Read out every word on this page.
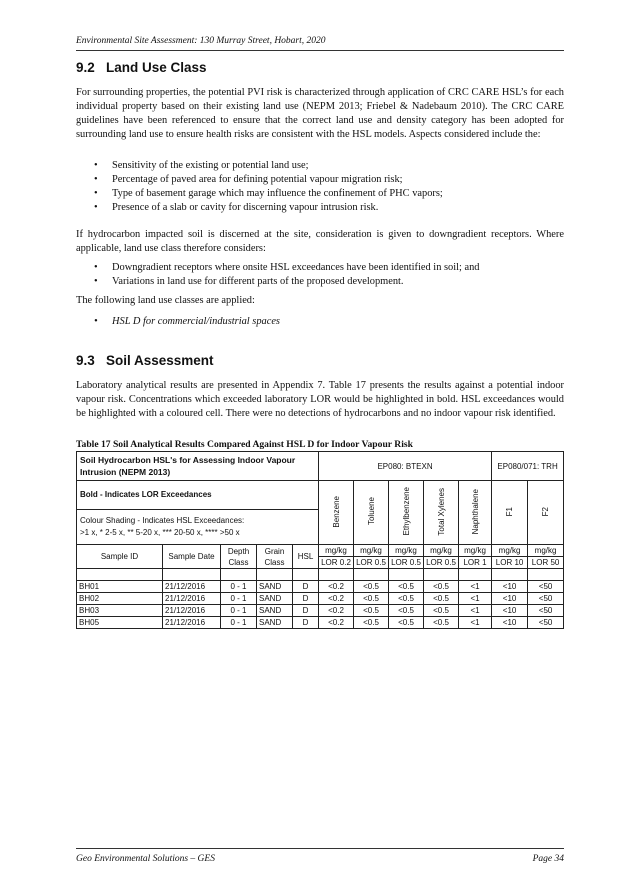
Environmental Site Assessment: 130 Murray Street, Hobart, 2020
9.2 Land Use Class

For surrounding properties, the potential PVI risk is characterized through application of CRC CARE HSL’s for each individual property based on their existing land use (NEPM 2013; Friebel & Nadebaum 2010). The CRC CARE guidelines have been referenced to ensure that the correct land use and density category has been adopted for surrounding land use to ensure health risks are consistent with the HSL models. Aspects considered include the:

• Sensitivity of the existing or potential land use;
• Percentage of paved area for defining potential vapour migration risk;
• Type of basement garage which may influence the confinement of PHC vapors;
• Presence of a slab or cavity for discerning vapour intrusion risk.

If hydrocarbon impacted soil is discerned at the site, consideration is given to downgradient receptors. Where applicable, land use class therefore considers:

• Downgradient receptors where onsite HSL exceedances have been identified in soil; and
• Variations in land use for different parts of the proposed development.

The following land use classes are applied:

• HSL D for commercial/industrial spaces
9.3 Soil Assessment

Laboratory analytical results are presented in Appendix 7. Table 17 presents the results against a potential indoor vapour risk. Concentrations which exceeded laboratory LOR would be highlighted in bold. HSL exceedances would be highlighted with a coloured cell. There were no detections of hydrocarbons and no indoor vapour risk identified.

Table 17 Soil Analytical Results Compared Against HSL D for Indoor Vapour Risk
Soil Hydrocarbon HSL's for Assessing Indoor Vapour Intrusion (NEPM 2013)					EP080: BTEXN					EP080/071: TRH	
Bold - Indicates LOR Exceedances					Benzene	Toluene	Ethylbenzene	Total Xylenes	Naphthalene	F1	F2
Colour Shading - Indicates HSL Exceedances:
>1 x, * 2-5 x, ** 5-20 x, *** 20-50 x, **** >50 x											
Sample ID	Sample Date	Depth
Class	Grain
Class	HSL	mg/kg	mg/kg	mg/kg	mg/kg	mg/kg	mg/kg	mg/kg
					LOR 0.2	LOR 0.5	LOR 0.5	LOR 0.5	LOR 1	LOR 10	LOR 50

BH01	21/12/2016	0 - 1	SAND	D	<0.2	<0.5	<0.5	<0.5	<1	<10	<50
BH02	21/12/2016	0 - 1	SAND	D	<0.2	<0.5	<0.5	<0.5	<1	<10	<50
BH03	21/12/2016	0 - 1	SAND	D	<0.2	<0.5	<0.5	<0.5	<1	<10	<50
BH05	21/12/2016	0 - 1	SAND	D	<0.2	<0.5	<0.5	<0.5	<1	<10	<50
Geo Environmental Solutions – GES	Page 34
